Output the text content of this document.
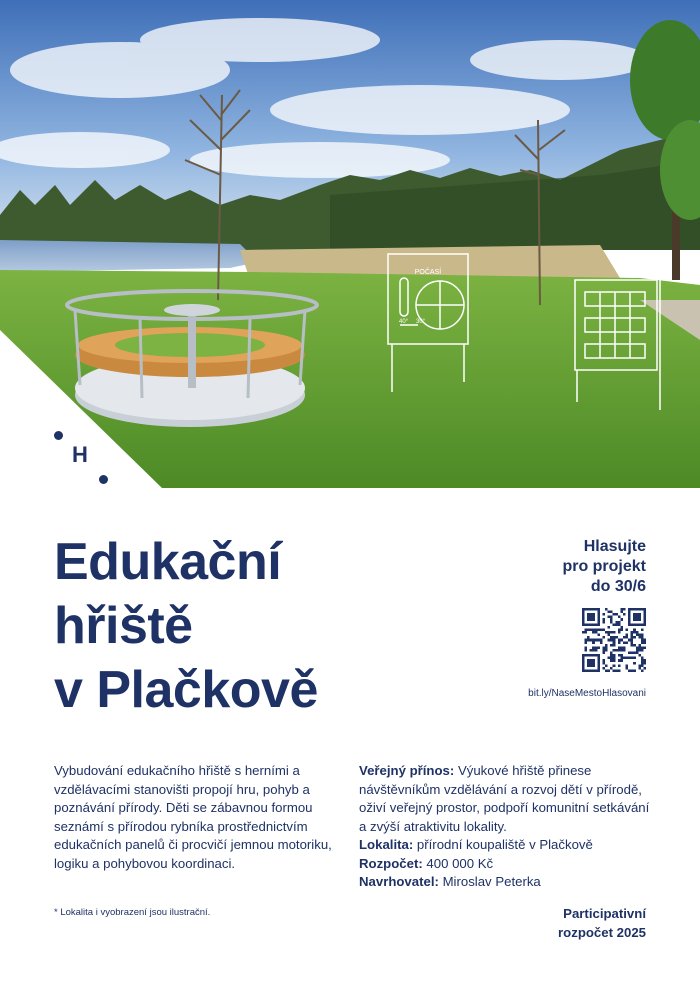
POČASÍ
40° 30°
H
Edukační
hřiště
v Plačkově
Hlasujte
pro projekt
do 30/6
bit.ly/NaseMestoHlasovani

Vybudování edukačního hřiště s herními a vzdělávacími stanovišti propojí hru, pohyb a poznávání přírody. Děti se zábavnou formou seznámí s přírodou rybníka prostřednictvím edukačních panelů či procvičí jemnou motoriku, logiku a pohybovou koordinaci.

Veřejný přínos: Výukové hřiště přinese návštěvníkům vzdělávání a rozvoj dětí v přírodě, oživí veřejný prostor, podpoří komunitní setkávání a zvýší atraktivitu lokality.

Lokalita: přírodní koupaliště v Plačkově

Rozpočet: 400 000 Kč

Navrhovatel: Miroslav Peterka

* Lokalita i vyobrazení jsou ilustrační.	Participativní
rozpočet 2025
